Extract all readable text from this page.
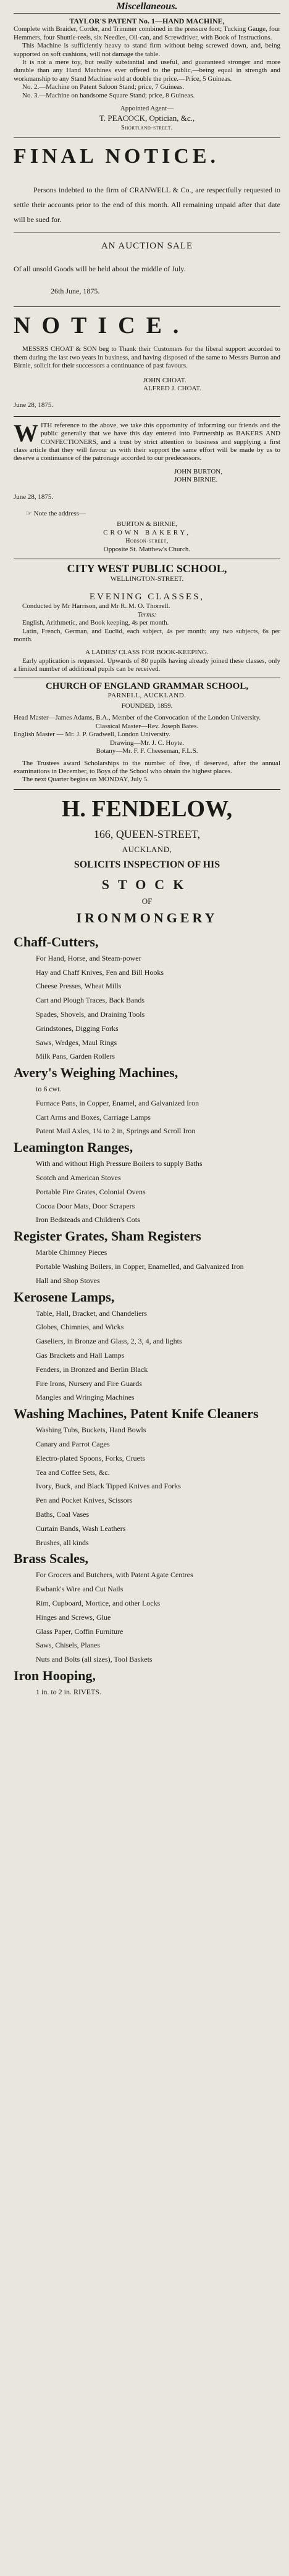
Miscellaneous.
TAYLOR'S PATENT No. 1—HAND MACHINE,
Complete with Braider, Corder, and Trimmer combined in the pressure foot; Tucking Gauge, four Hemmers, four Shuttle-reels, six Needles, Oil-can, and Screwdriver, with Book of Instructions.
This Machine is sufficiently heavy to stand firm without being screwed down, and, being supported on soft cushions, will not damage the table.
It is not a mere toy, but really substantial and useful, and guaranteed stronger and more durable than any Hand Machines ever offered to the public,—being equal in strength and workmanship to any Stand Machine sold at double the price.—Price, 5 Guineas.
No. 2.—Machine on Patent Saloon Stand; price, 7 Guineas.
No. 3.—Machine on handsome Square Stand; price, 8 Guineas.
Appointed Agent—
T. PEACOCK, Optician, &c.,
Shortland-street.
FINAL NOTICE.
Persons indebted to the firm of CRANWELL & Co., are respectfully requested to settle their accounts prior to the end of this month. All remaining unpaid after that date will be sued for.
AN AUCTION SALE
Of all unsold Goods will be held about the middle of July.
26th June, 1875.
NOTICE.
MESSRS CHOAT & SON beg to Thank their Customers for the liberal support accorded to them during the last two years in business, and having disposed of the same to Messrs Burton and Birnie, solicit for their successors a continuance of past favours.
JOHN CHOAT.
ALFRED J. CHOAT.
June 28, 1875.
W ITH reference to the above, we take this opportunity of informing our friends and the public generally that we have this day entered into Partnership as BAKERS AND CONFECTIONERS, and a trust by strict attention to business and supplying a first class article that they will favour us with their support the same effort will be made by us to deserve a continuance of the patronage accorded to our predecessors.
JOHN BURTON,
JOHN BIRNIE.
June 28, 1875.
☞ Note the address—
BURTON & BIRNIE,
CROWN BAKERY,
Hobson-street,
Opposite St. Matthew's Church.
CITY WEST PUBLIC SCHOOL,
WELLINGTON-STREET.
EVENING CLASSES,
Conducted by Mr Harrison, and Mr R. M. O. Thorrell.
Terms:
English, Arithmetic, and Book keeping, 4s per month.
Latin, French, German, and Euclid, each subject, 4s per month; any two subjects, 6s per month.
A LADIES' CLASS FOR BOOK-KEEPING.
Early application is requested. Upwards of 80 pupils having already joined these classes, only a limited number of additional pupils can be received.
CHURCH OF ENGLAND GRAMMAR SCHOOL,
PARNELL, AUCKLAND.
FOUNDED, 1859.
Head Master—James Adams, B.A., Member of the Convocation of the London University.
Classical Master—Rev. Joseph Bates.
English Master — Mr. J. P. Gradwell, London University.
Drawing—Mr. J. C. Hoyte.
Botany—Mr. F. F. Cheeseman, F.L.S.
The Trustees award Scholarships to the number of five, if deserved, after the annual examinations in December, to Boys of the School who obtain the highest places.
The next Quarter begins on MONDAY, July 5.
H. FENDELOW,
166, QUEEN-STREET,
AUCKLAND,
SOLICITS INSPECTION OF HIS
STOCK
OF
IRONMONGERY
Chaff-Cutters,
For Hand, Horse, and Steam-power
Hay and Chaff Knives, Fen and Bill Hooks
Cheese Presses, Wheat Mills
Cart and Plough Traces, Back Bands
Spades, Shovels, and Draining Tools
Grindstones, Digging Forks
Saws, Wedges, Maul Rings
Milk Pans, Garden Rollers
Avery's Weighing Machines,
to 6 cwt.
Furnace Pans, in Copper, Enamel, and Galvanized Iron
Cart Arms and Boxes, Carriage Lamps
Patent Mail Axles, 1¼ to 2 in, Springs and Scroll Iron
Leamington Ranges,
With and without High Pressure Boilers to supply Baths
Scotch and American Stoves
Portable Fire Grates, Colonial Ovens
Cocoa Door Mats, Door Scrapers
Iron Bedsteads and Children's Cots
Register Grates, Sham Registers
Marble Chimney Pieces
Portable Washing Boilers, in Copper, Enamelled, and Galvanized Iron
Hall and Shop Stoves
Kerosene Lamps,
Table, Hall, Bracket, and Chandeliers
Globes, Chimnies, and Wicks
Gaseliers, in Bronze and Glass, 2, 3, 4, and lights
Gas Brackets and Hall Lamps
Fenders, in Bronzed and Berlin Black
Fire Irons, Nursery and Fire Guards
Mangles and Wringing Machines
Washing Machines, Patent Knife Cleaners
Washing Tubs, Buckets, Hand Bowls
Canary and Parrot Cages
Electro-plated Spoons, Forks, Cruets
Tea and Coffee Sets, &c.
Ivory, Buck, and Black Tipped Knives and Forks
Pen and Pocket Knives, Scissors
Baths, Coal Vases
Curtain Bands, Wash Leathers
Brushes, all kinds
Brass Scales,
For Grocers and Butchers, with Patent Agate Centres
Ewbank's Wire and Cut Nails
Rim, Cupboard, Mortice, and other Locks
Hinges and Screws, Glue
Glass Paper, Coffin Furniture
Saws, Chisels, Planes
Nuts and Bolts (all sizes), Tool Baskets
Iron Hooping,
1 in. to 2 in. RIVETS.
